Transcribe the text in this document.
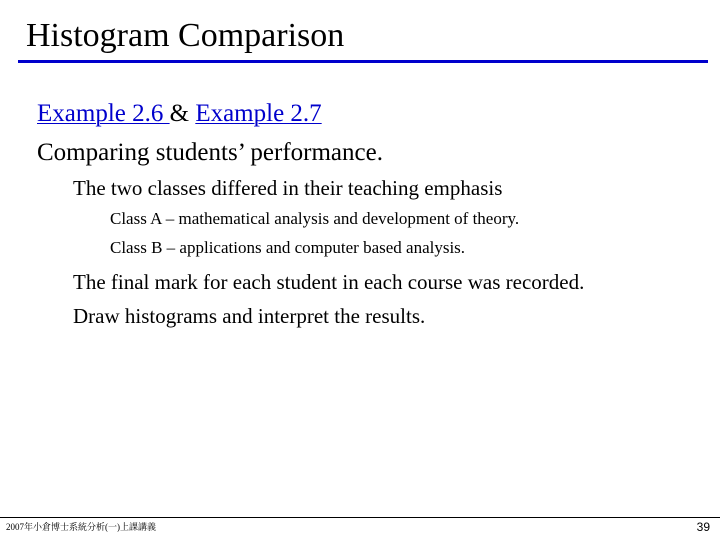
Histogram Comparison
Example 2.6 & Example 2.7
Comparing students’ performance.
The two classes differed in their teaching emphasis
Class A – mathematical analysis and development of theory.
Class B – applications and computer based analysis.
The final mark for each student in each course was recorded.
Draw histograms and interpret the results.
2007年小倉博士系統分析(一)上課講義	39
